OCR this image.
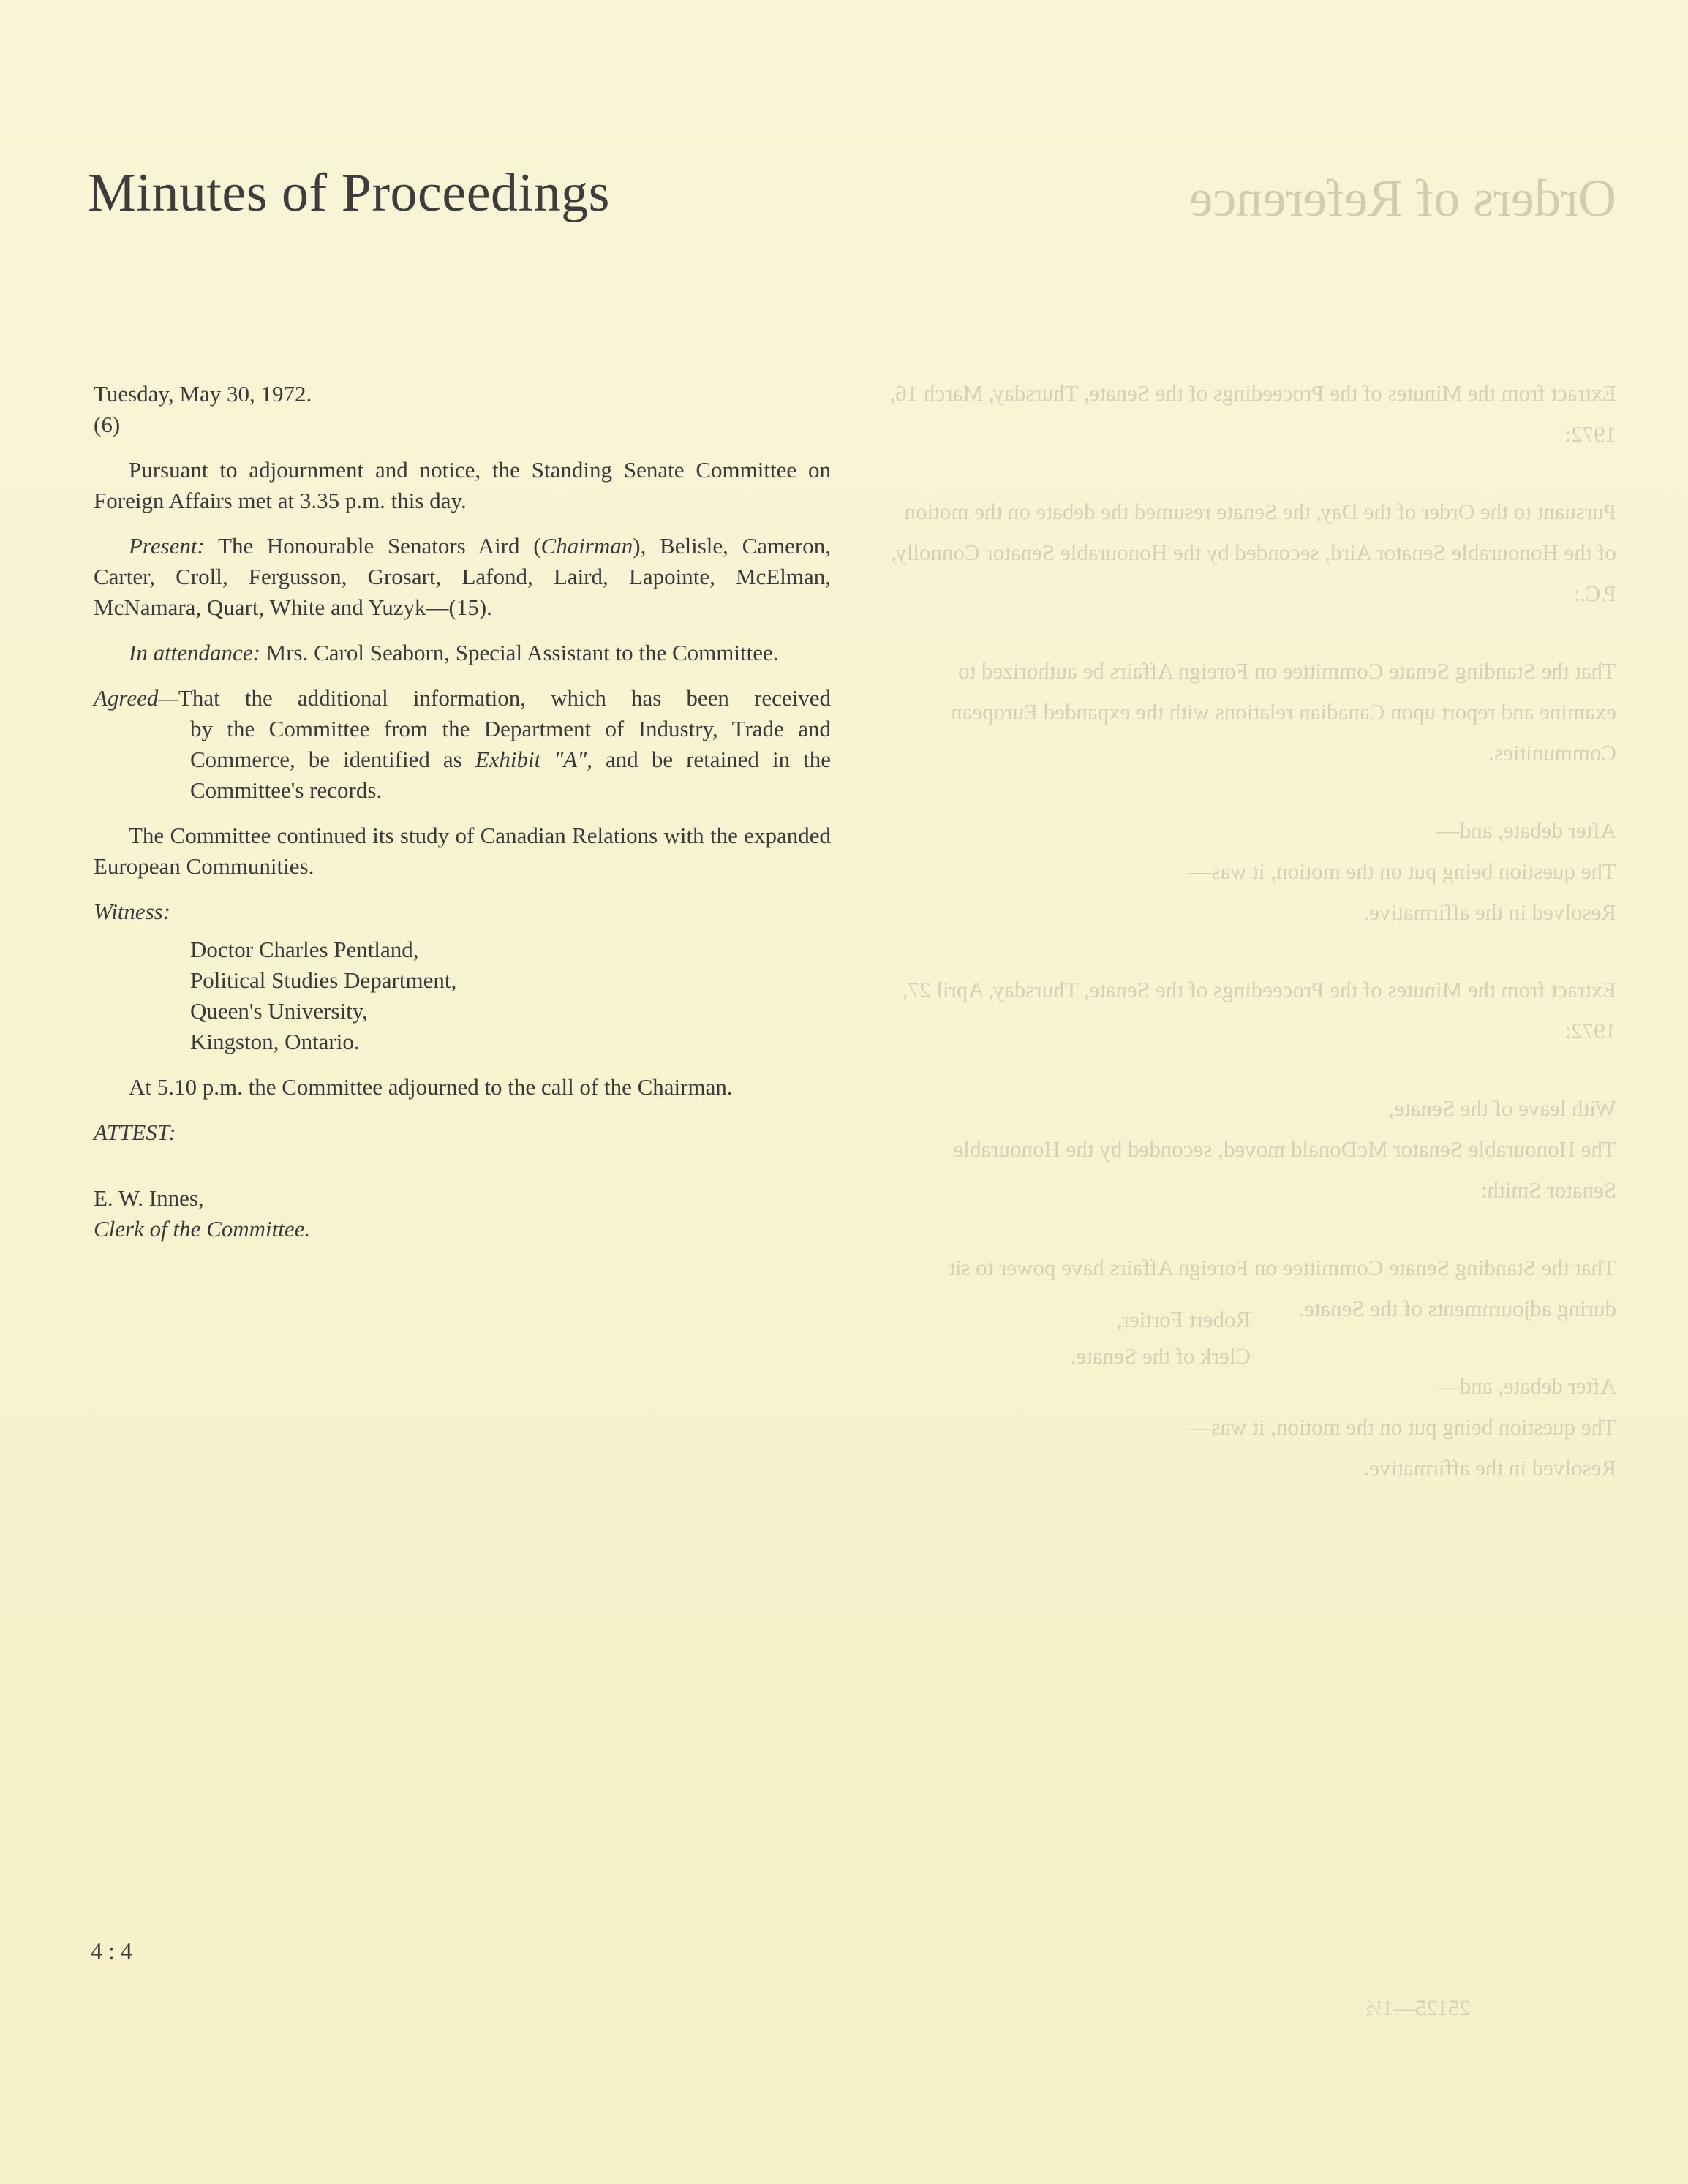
Orders of Reference

Extract from the Minutes of the Proceedings of the Senate, Thursday, March 16, 1972:

Pursuant to the Order of the Day, the Senate resumed the debate on the motion of the Honourable Senator Aird, seconded by the Honourable Senator Connolly, P.C.:

That the Standing Senate Committee on Foreign Affairs be authorized to examine and report upon Canadian relations with the expanded European Communities.

After debate, and—
The question being put on the motion, it was—
Resolved in the affirmative.

Extract from the Minutes of the Proceedings of the Senate, Thursday, April 27, 1972:

With leave of the Senate,
The Honourable Senator McDonald moved, seconded by the Honourable Senator Smith:

That the Standing Senate Committee on Foreign Affairs have power to sit during adjournments of the Senate.

After debate, and—
The question being put on the motion, it was—
Resolved in the affirmative.

Robert Fortier,
Clerk of the Senate.
25125—1½
Minutes of Proceedings

Tuesday, May 30, 1972.

(6)

Pursuant to adjournment and notice, the Standing Senate Committee on Foreign Affairs met at 3.35 p.m. this day.

Present: The Honourable Senators Aird (Chairman), Belisle, Cameron, Carter, Croll, Fergusson, Grosart, Lafond, Laird, Lapointe, McElman, McNamara, Quart, White and Yuzyk—(15).

In attendance: Mrs. Carol Seaborn, Special Assistant to the Committee.

Agreed—That the additional information, which has been received

by the Committee from the Department of Industry, Trade and Commerce, be identified as Exhibit "A", and be retained in the Committee's records.

The Committee continued its study of Canadian Relations with the expanded European Communities.

Witness:

Doctor Charles Pentland,

Political Studies Department,

Queen's University,

Kingston, Ontario.

At 5.10 p.m. the Committee adjourned to the call of the Chairman.

ATTEST:

E. W. Innes,

Clerk of the Committee.

4 : 4
